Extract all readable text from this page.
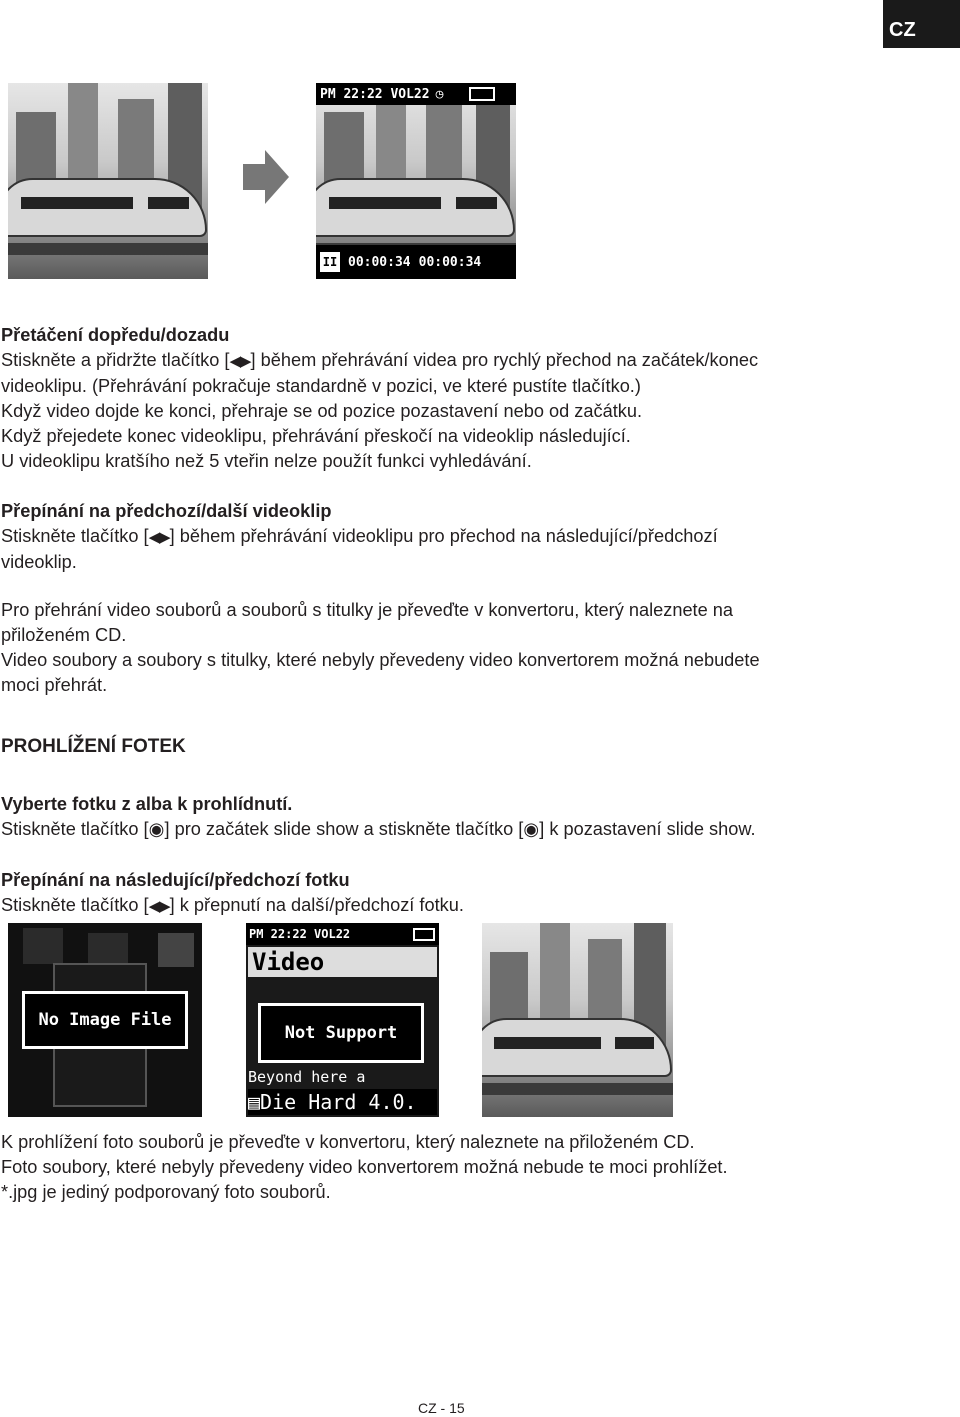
CZ
PM 22:22 VOL22 ◷
II 00:00:34 00:00:34

Přetáčení dopředu/dozadu

Stiskněte a přidržte tlačítko [◀▶] během přehrávání videa pro rychlý přechod na začátek/konec

videoklipu. (Přehrávání pokračuje standardně v pozici, ve které pustíte tlačítko.)

Když video dojde ke konci, přehraje se od pozice pozastavení nebo od začátku.

Když přejedete konec videoklipu, přehrávání přeskočí na videoklip následující.

U videoklipu kratšího než 5 vteřin nelze použít funkci vyhledávání.

Přepínání na předchozí/další videoklip

Stiskněte tlačítko [◀▶] během přehrávání videoklipu pro přechod na následující/předchozí

videoklip.

Pro přehrání video souborů a souborů s titulky je převeďte v konvertoru, který naleznete na

přiloženém CD.

Video soubory a soubory s titulky, které nebyly převedeny video konvertorem možná nebudete

moci přehrát.

PROHLÍŽENÍ FOTEK

Vyberte fotku z alba k prohlídnutí.

Stiskněte tlačítko [◉] pro začátek slide show a stiskněte tlačítko [◉] k pozastavení slide show.

Přepínání na následující/předchozí fotku

Stiskněte tlačítko [◀▶] k přepnutí na další/předchozí fotku.

No Image File
PM 22:22 VOL22
Video
Beyond here a
▤Die Hard 4.0.
Not Support

K prohlížení foto souborů je převeďte v konvertoru, který naleznete na přiloženém CD.

Foto soubory, které nebyly převedeny video konvertorem možná nebude te moci prohlížet.

*.jpg je jediný podporovaný foto souborů.

CZ - 15
